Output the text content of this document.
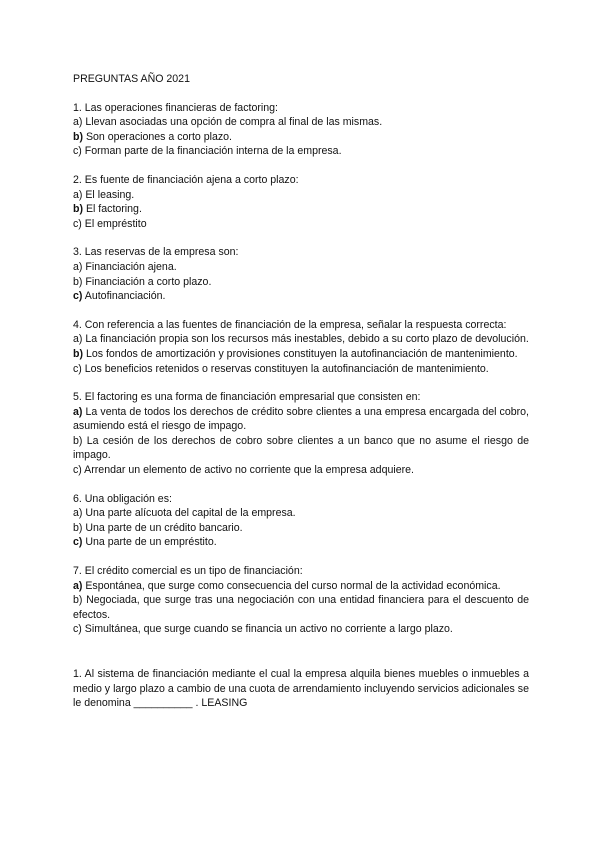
PREGUNTAS AÑO 2021
1. Las operaciones financieras de factoring:
a) Llevan asociadas una opción de compra al final de las mismas.
b) Son operaciones a corto plazo.
c) Forman parte de la financiación interna de la empresa.
2. Es fuente de financiación ajena a corto plazo:
a) El leasing.
b) El factoring.
c) El empréstito
3. Las reservas de la empresa son:
a) Financiación ajena.
b) Financiación a corto plazo.
c) Autofinanciación.
4. Con referencia a las fuentes de financiación de la empresa, señalar la respuesta correcta:
a) La financiación propia son los recursos más inestables, debido a su corto plazo de devolución.
b) Los fondos de amortización y provisiones constituyen la autofinanciación de mantenimiento.
c) Los beneficios retenidos o reservas constituyen la autofinanciación de mantenimiento.
5. El factoring es una forma de financiación empresarial que consisten en:
a) La venta de todos los derechos de crédito sobre clientes a una empresa encargada del cobro, asumiendo está el riesgo de impago.
b) La cesión de los derechos de cobro sobre clientes a un banco que no asume el riesgo de impago.
c) Arrendar un elemento de activo no corriente que la empresa adquiere.
6. Una obligación es:
a) Una parte alícuota del capital de la empresa.
b) Una parte de un crédito bancario.
c) Una parte de un empréstito.
7. El crédito comercial es un tipo de financiación:
a) Espontánea, que surge como consecuencia del curso normal de la actividad económica.
b) Negociada, que surge tras una negociación con una entidad financiera para el descuento de efectos.
c) Simultánea, que surge cuando se financia un activo no corriente a largo plazo.
1. Al sistema de financiación mediante el cual la empresa alquila bienes muebles o inmuebles a medio y largo plazo a cambio de una cuota de arrendamiento incluyendo servicios adicionales se le denomina __________ . LEASING
